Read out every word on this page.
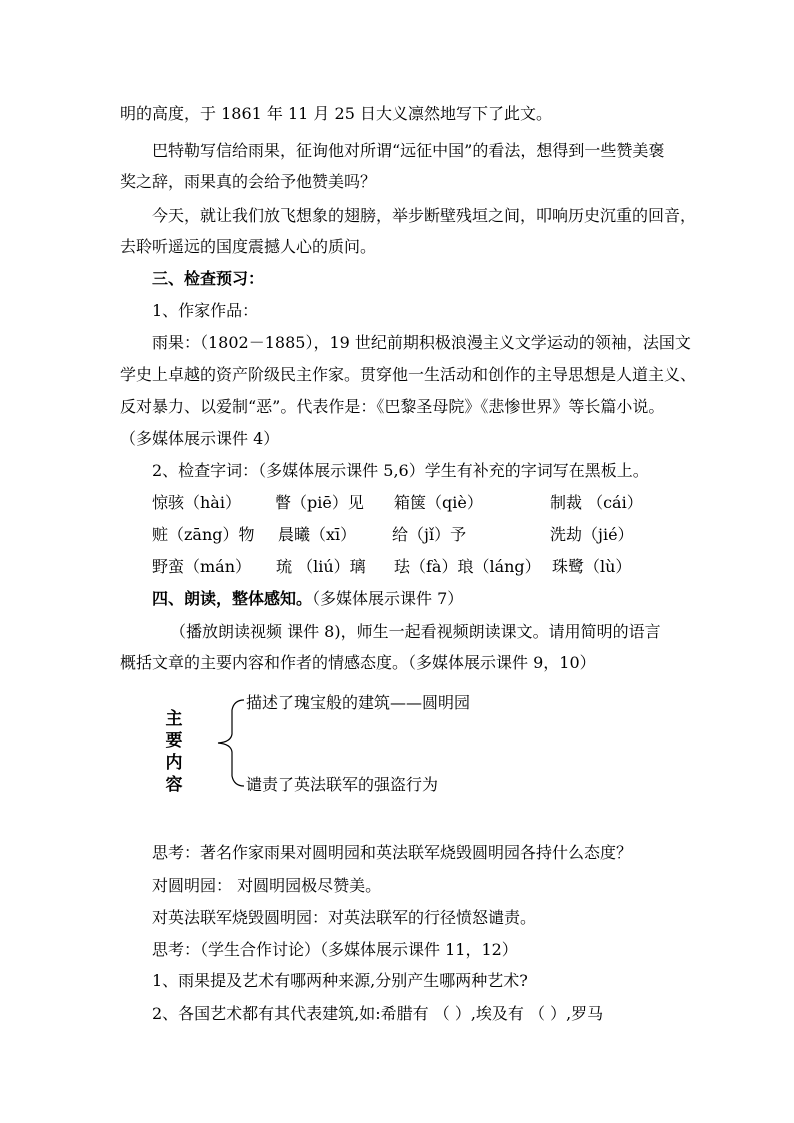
明的高度，于 1861 年 11 月 25 日大义凛然地写下了此文。
巴特勒写信给雨果，征询他对所谓“远征中国”的看法，想得到一些赞美褒
奖之辞，雨果真的会给予他赞美吗？
今天，就让我们放飞想象的翅膀，举步断壁残垣之间，叩响历史沉重的回音，
去聆听遥远的国度震撼人心的质问。
三、检查预习：
1、作家作品：
雨果：（1802－1885），19 世纪前期积极浪漫主义文学运动的领袖，法国文
学史上卓越的资产阶级民主作家。贯穿他一生活动和创作的主导思想是人道主义、
反对暴力、以爱制“恶”。代表作是：《巴黎圣母院》《悲惨世界》等长篇小说。
（多媒体展示课件 4）
2、检查字词：（多媒体展示课件 5,6）学生有补充的字词写在黑板上。
惊骇（hài） 瞥（piē）见 箱箧（qiè）	制裁 （cái）
赃（zāng）物 晨曦（xī） 给（jǐ）予	洗劫（jié）
野蛮（mán） 琉 （liú）璃 珐（fà）琅（láng） 珠鹭（lù）
四、朗读，整体感知。（多媒体展示课件 7）
（播放朗读视频 课件 8)，师生一起看视频朗读课文。请用简明的语言
概括文章的主要内容和作者的情感态度。（多媒体展示课件 9，10）
主
要
内
容
描述了瑰宝般的建筑——圆明园
谴责了英法联军的强盗行为
思考：著名作家雨果对圆明园和英法联军烧毁圆明园各持什么态度？
对圆明园： 对圆明园极尽赞美。
对英法联军烧毁圆明园：对英法联军的行径愤怒谴责。
思考：（学生合作讨论）（多媒体展示课件 11，12）
1、雨果提及艺术有哪两种来源,分别产生哪两种艺术?
2、各国艺术都有其代表建筑,如:希腊有 （ ）,埃及有 （ ）,罗马
